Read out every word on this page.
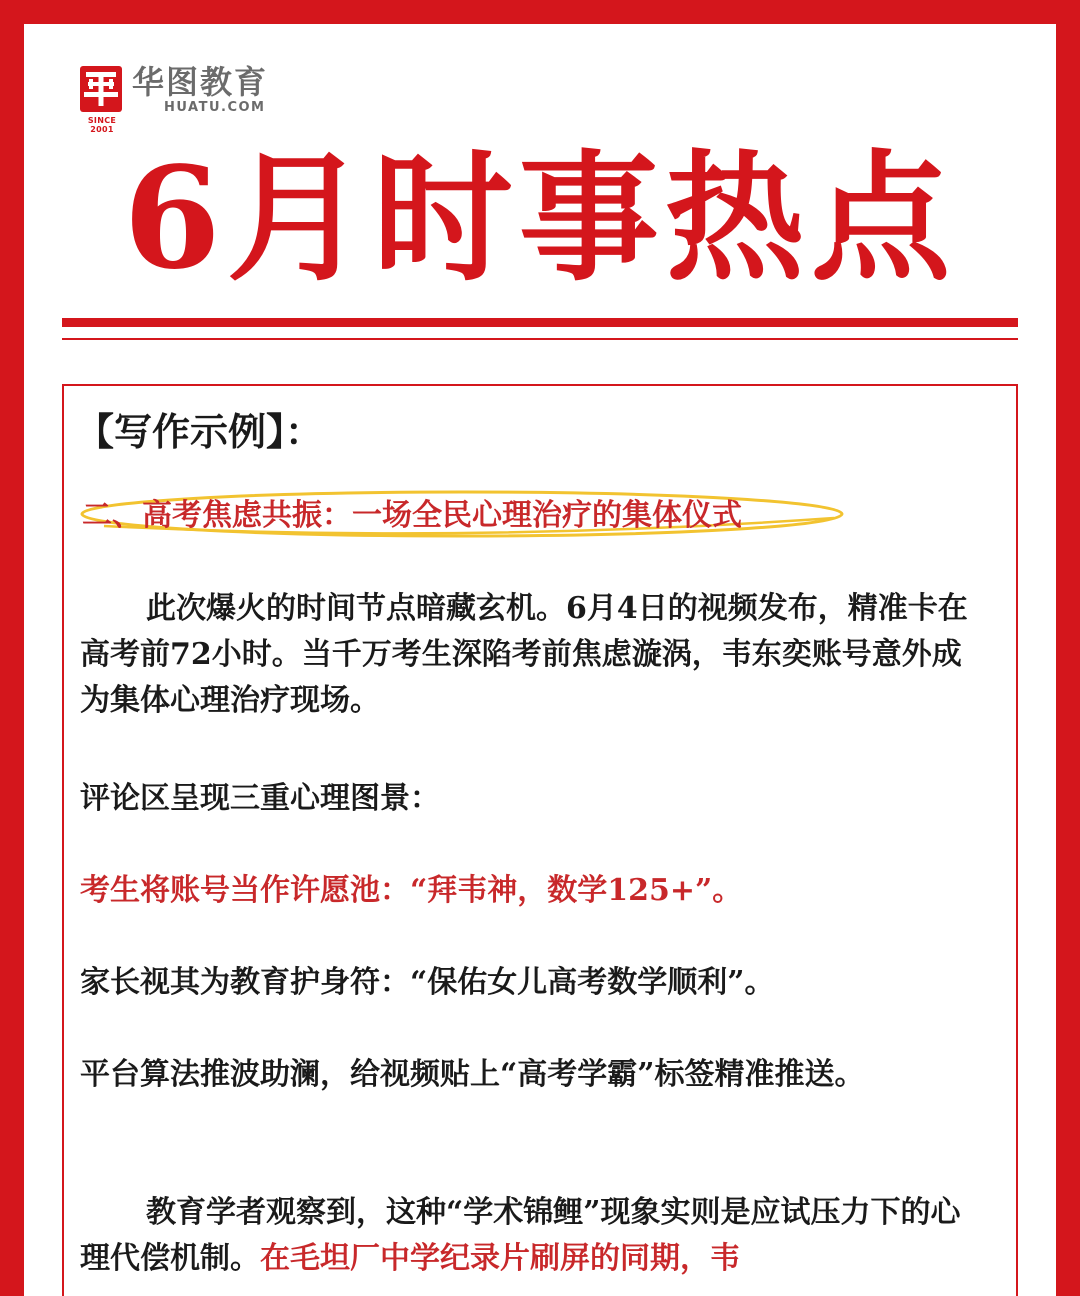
SINCE 2001
华图教育
HUATU.COM
6月时事热点
【写作示例】：
二、高考焦虑共振：一场全民心理治疗的集体仪式

此次爆火的时间节点暗藏玄机。6月4日的视频发布，精准卡在高考前72小时。当千万考生深陷考前焦虑漩涡，韦东奕账号意外成为集体心理治疗现场。

评论区呈现三重心理图景：

考生将账号当作许愿池：“拜韦神，数学125+”。

家长视其为教育护身符：“保佑女儿高考数学顺利”。

平台算法推波助澜，给视频贴上“高考学霸”标签精准推送。

教育学者观察到，这种“学术锦鲤”现象实则是应试压力下的心理代偿机制。在毛坦厂中学纪录片刷屏的同期，韦
